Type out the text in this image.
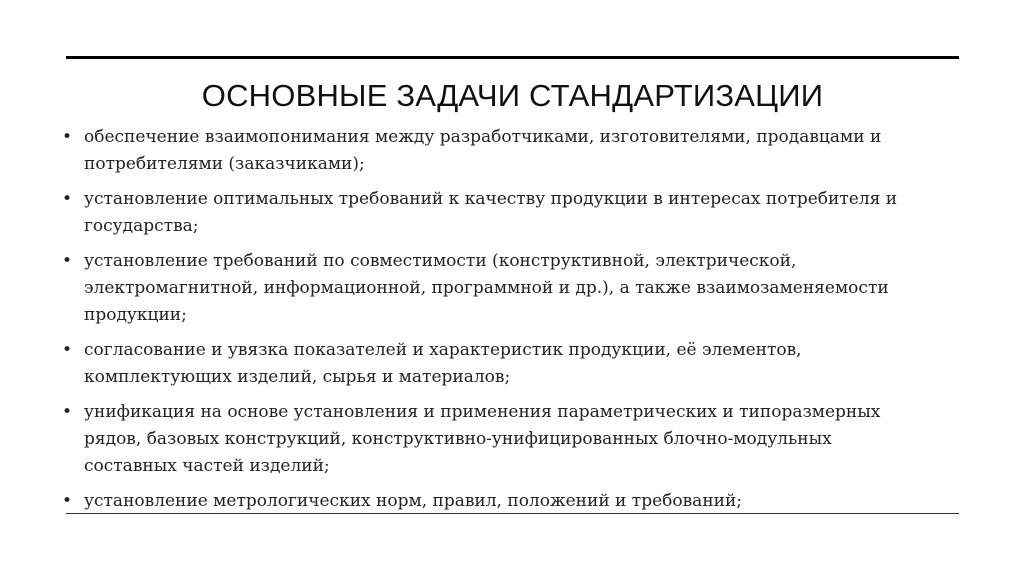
ОСНОВНЫЕ ЗАДАЧИ СТАНДАРТИЗАЦИИ
• обеспечение взаимопонимания между разработчиками, изготовителями, продавцами и
потребителями (заказчиками);
• установление оптимальных требований к качеству продукции в интересах потребителя и
государства;
• установление требований по совместимости (конструктивной, электрической,
электромагнитной, информационной, программной и др.), а также взаимозаменяемости
продукции;
• согласование и увязка показателей и характеристик продукции, её элементов,
комплектующих изделий, сырья и материалов;
• унификация на основе установления и применения параметрических и типоразмерных
рядов, базовых конструкций, конструктивно-унифицированных блочно-модульных
составных частей изделий;
• установление метрологических норм, правил, положений и требований;
